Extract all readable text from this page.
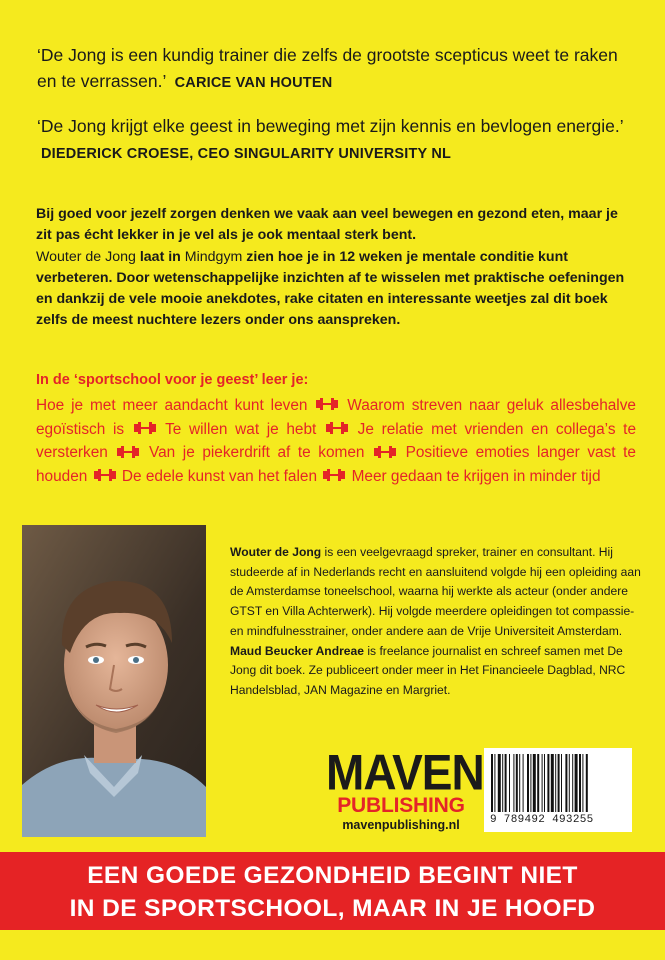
‘De Jong is een kundig trainer die zelfs de grootste scepticus weet te raken en te verrassen.’ CARICE VAN HOUTEN
‘De Jong krijgt elke geest in beweging met zijn kennis en bevlogen energie.’ DIEDERICK CROESE, CEO SINGULARITY UNIVERSITY NL
Bij goed voor jezelf zorgen denken we vaak aan veel bewegen en gezond eten, maar je zit pas écht lekker in je vel als je ook mentaal sterk bent.
Wouter de Jong laat in Mindgym zien hoe je in 12 weken je mentale conditie kunt verbeteren. Door wetenschappelijke inzichten af te wisselen met praktische oefeningen en dankzij de vele mooie anekdotes, rake citaten en interessante weetjes zal dit boek zelfs de meest nuchtere lezers onder ons aanspreken.
In de ‘sportschool voor je geest’ leer je:
Hoe je met meer aandacht kunt leven	Waarom streven naar geluk allesbehalve egoïstisch is	Te willen wat je hebt	Je relatie met vrienden en collega’s te versterken	Van je piekerdrift af te komen	Positieve emoties langer vast te houden De edele kunst van het falen Meer gedaan te krijgen in minder tijd
Wouter de Jong is een veelgevraagd spreker, trainer en consultant. Hij studeerde af in Nederlands recht en aansluitend volgde hij een opleiding aan de Amsterdamse toneelschool, waarna hij werkte als acteur (onder andere GTST en Villa Achterwerk). Hij volgde meerdere opleidingen tot compassie- en mindfulnesstrainer, onder andere aan de Vrije Universiteit Amsterdam.
Maud Beucker Andreae is freelance journalist en schreef samen met De Jong dit boek. Ze publiceert onder meer in Het Financieele Dagblad, NRC Handelsblad, JAN Magazine en Margriet.
MAVEN
PUBLISHING
mavenpublishing.nl	9 789492 493255
EEN GOEDE GEZONDHEID BEGINT NIET
IN DE SPORTSCHOOL, MAAR IN JE HOOFD
